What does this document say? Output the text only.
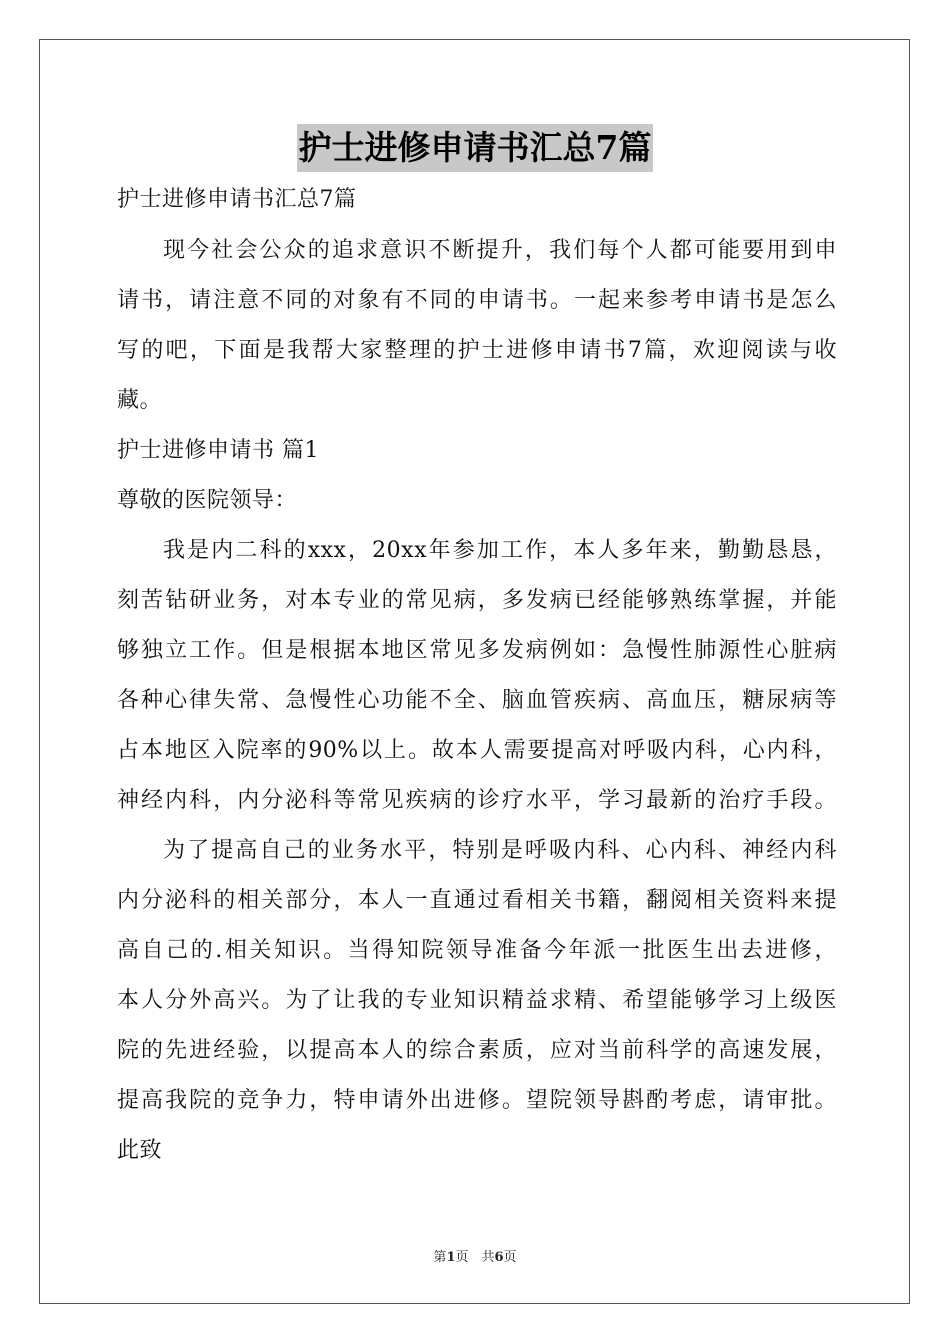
护士进修申请书汇总7篇
护士进修申请书汇总7篇
现今社会公众的追求意识不断提升，我们每个人都可能要用到申
请书，请注意不同的对象有不同的申请书。一起来参考申请书是怎么
写的吧，下面是我帮大家整理的护士进修申请书7篇，欢迎阅读与收
藏。
护士进修申请书 篇1
尊敬的医院领导：
我是内二科的xxx，20xx年参加工作，本人多年来，勤勤恳恳，
刻苦钻研业务，对本专业的常见病，多发病已经能够熟练掌握，并能
够独立工作。但是根据本地区常见多发病例如：急慢性肺源性心脏病
各种心律失常、急慢性心功能不全、脑血管疾病、高血压，糖尿病等
占本地区入院率的90%以上。故本人需要提高对呼吸内科，心内科，
神经内科，内分泌科等常见疾病的诊疗水平，学习最新的治疗手段。
为了提高自己的业务水平，特别是呼吸内科、心内科、神经内科
内分泌科的相关部分，本人一直通过看相关书籍，翻阅相关资料来提
高自己的.相关知识。当得知院领导准备今年派一批医生出去进修，
本人分外高兴。为了让我的专业知识精益求精、希望能够学习上级医
院的先进经验，以提高本人的综合素质，应对当前科学的高速发展，
提高我院的竞争力，特申请外出进修。望院领导斟酌考虑，请审批。
此致
第1页　共6页
